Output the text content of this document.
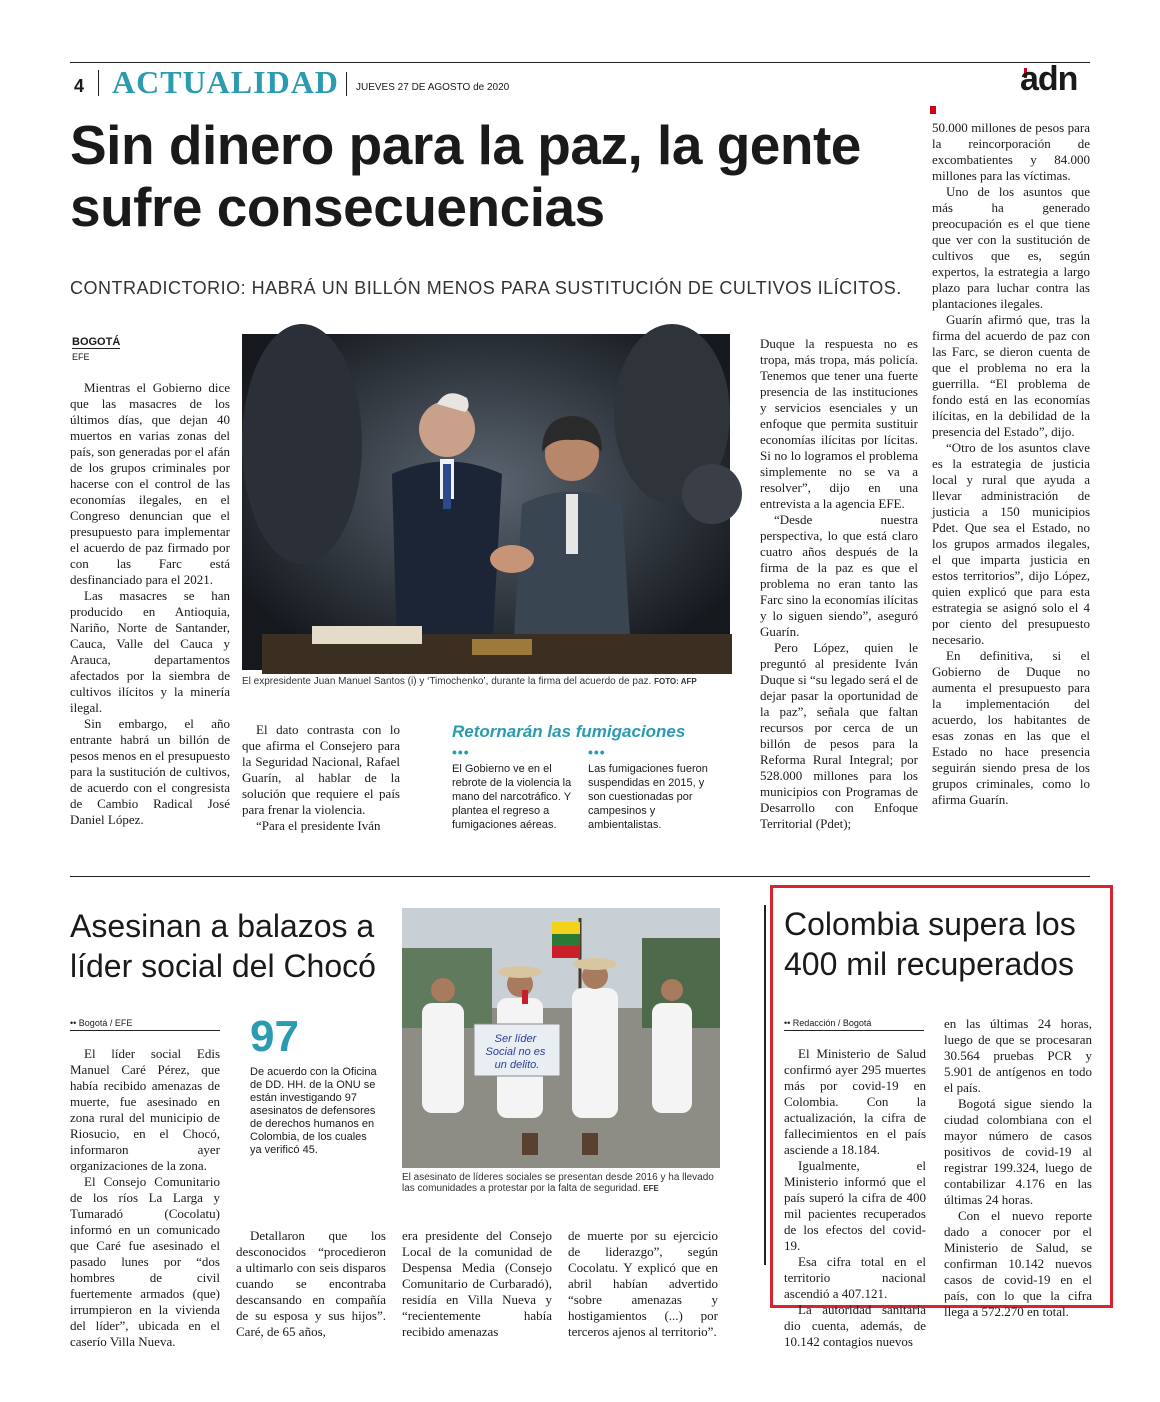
4 ACTUALIDAD JUEVES 27 DE AGOSTO de 2020	adn
Sin dinero para la paz, la gente sufre consecuencias
CONTRADICTORIO: HABRÁ UN BILLÓN MENOS PARA SUSTITUCIÓN DE CULTIVOS ILÍCITOS.
BOGOTÁ
EFE

Mientras el Gobierno dice que las masacres de los últimos días, que dejan 40 muertos en varias zonas del país, son generadas por el afán de los grupos criminales por hacerse con el control de las economías ilegales, en el Congreso denuncian que el presupuesto para implementar el acuerdo de paz firmado por con las Farc está desfinanciado para el 2021.

Las masacres se han producido en Antioquia, Nariño, Norte de Santander, Cauca, Valle del Cauca y Arauca, departamentos afectados por la siembra de cultivos ilícitos y la minería ilegal.

Sin embargo, el año entrante habrá un billón de pesos menos en el presupuesto para la sustitución de cultivos, de acuerdo con el congresista de Cambio Radical José Daniel López.

El expresidente Juan Manuel Santos (i) y ‘Timochenko’, durante la firma del acuerdo de paz. FOTO: AFP

El dato contrasta con lo que afirma el Consejero para la Seguridad Nacional, Rafael Guarín, al hablar de la solución que requiere el país para frenar la violencia.

“Para el presidente Iván

Retornarán las fumigaciones
•••
El Gobierno ve en el rebrote de la violencia la mano del narcotráfico. Y plantea el regreso a fumigaciones aéreas.
•••
Las fumigaciones fueron suspendidas en 2015, y son cuestionadas por campesinos y ambientalistas.

Duque la respuesta no es tropa, más tropa, más policía. Tenemos que tener una fuerte presencia de las instituciones y servicios esenciales y un enfoque que permita sustituir economías ilícitas por lícitas. Si no lo logramos el problema simplemente no se va a resolver”, dijo en una entrevista a la agencia EFE.

“Desde nuestra perspectiva, lo que está claro cuatro años después de la firma de la paz es que el problema no eran tanto las Farc sino la economías ilícitas y lo siguen siendo”, aseguró Guarín.

Pero López, quien le preguntó al presidente Iván Duque si “su legado será el de dejar pasar la oportunidad de la paz”, señala que faltan recursos por cerca de un billón de pesos para la Reforma Rural Integral; por 528.000 millones para los municipios con Programas de Desarrollo con Enfoque Territorial (Pdet);

50.000 millones de pesos para la reincorporación de excombatientes y 84.000 millones para las víctimas.

Uno de los asuntos que más ha generado preocupación es el que tiene que ver con la sustitución de cultivos que es, según expertos, la estrategia a largo plazo para luchar contra las plantaciones ilegales.

Guarín afirmó que, tras la firma del acuerdo de paz con las Farc, se dieron cuenta de que el problema no era la guerrilla. “El problema de fondo está en las economías ilícitas, en la debilidad de la presencia del Estado”, dijo.

“Otro de los asuntos clave es la estrategia de justicia local y rural que ayuda a llevar administración de justicia a 150 municipios Pdet. Que sea el Estado, no los grupos armados ilegales, el que imparta justicia en estos territorios”, dijo López, quien explicó que para esta estrategia se asignó solo el 4 por ciento del presupuesto necesario.

En definitiva, si el Gobierno de Duque no aumenta el presupuesto para la implementación del acuerdo, los habitantes de esas zonas en las que el Estado no hace presencia seguirán siendo presa de los grupos criminales, como lo afirma Guarín.

Asesinan a balazos a líder social del Chocó
•• Bogotá / EFE

El líder social Edis Manuel Caré Pérez, que había recibido amenazas de muerte, fue asesinado en zona rural del municipio de Riosucio, en el Chocó, informaron ayer organizaciones de la zona.

El Consejo Comunitario de los ríos La Larga y Tumaradó (Cocolatu) informó en un comunicado que Caré fue asesinado el pasado lunes por “dos hombres de civil fuertemente armados (que) irrumpieron en la vivienda del líder”, ubicada en el caserío Villa Nueva.

97
De acuerdo con la Oficina de DD. HH. de la ONU se están investigando 97 asesinatos de defensores de derechos humanos en Colombia, de los cuales ya verificó 45.
Ser líder Social no es un delito.
El asesinato de líderes sociales se presentan desde 2016 y ha llevado las comunidades a protestar por la falta de seguridad. EFE

Detallaron que los desconocidos “procedieron a ultimarlo con seis disparos cuando se encontraba descansando en compañía de su esposa y sus hijos”. Caré, de 65 años,

era presidente del Consejo Local de la comunidad de Despensa Media (Consejo Comunitario de Curbaradó), residía en Villa Nueva y “recientemente había recibido amenazas

de muerte por su ejercicio de liderazgo”, según Cocolatu. Y explicó que en abril habían advertido “sobre amenazas y hostigamientos (...) por terceros ajenos al territorio”.

Colombia supera los 400 mil recuperados
•• Redacción / Bogotá

El Ministerio de Salud confirmó ayer 295 muertes más por covid-19 en Colombia. Con la actualización, la cifra de fallecimientos en el país asciende a 18.184.

Igualmente, el Ministerio informó que el país superó la cifra de 400 mil pacientes recuperados de los efectos del covid-19.

Esa cifra total en el territorio nacional ascendió a 407.121.

La autoridad sanitaria dio cuenta, además, de 10.142 contagios nuevos

en las últimas 24 horas, luego de que se procesaran 30.564 pruebas PCR y 5.901 de antígenos en todo el país.

Bogotá sigue siendo la ciudad colombiana con el mayor número de casos positivos de covid-19 al registrar 199.324, luego de contabilizar 4.176 en las últimas 24 horas.

Con el nuevo reporte dado a conocer por el Ministerio de Salud, se confirman 10.142 nuevos casos de covid-19 en el país, con lo que la cifra llega a 572.270 en total.
